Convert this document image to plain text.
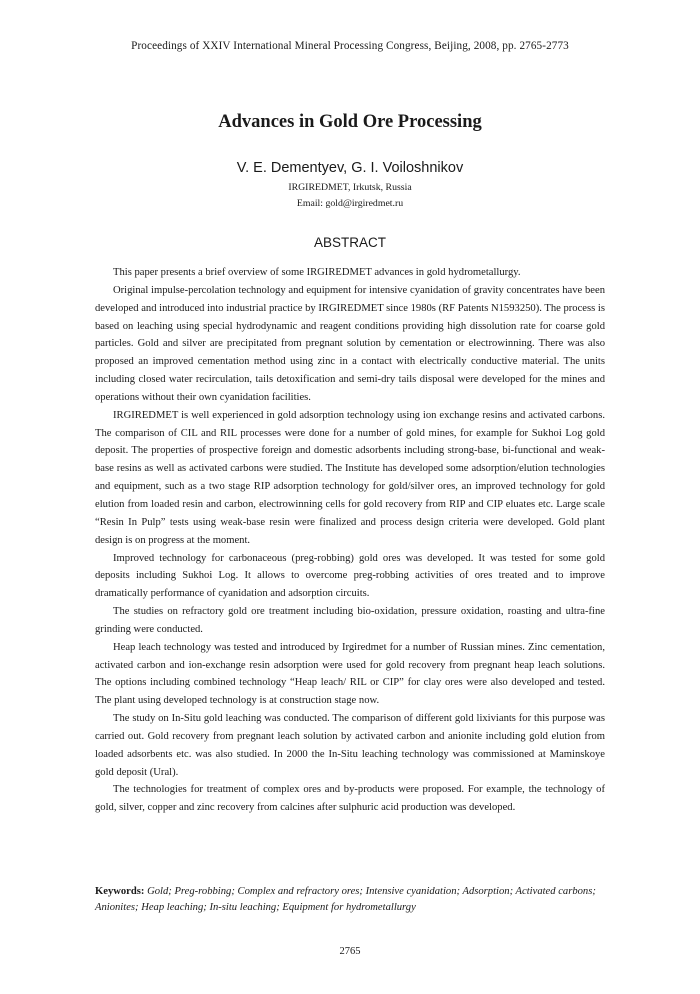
Proceedings of XXIV International Mineral Processing Congress, Beijing, 2008, pp. 2765-2773
Advances in Gold Ore Processing
V. E. Dementyev, G. I. Voiloshnikov
IRGIREDMET, Irkutsk, Russia
Email: gold@irgiredmet.ru
ABSTRACT

This paper presents a brief overview of some IRGIREDMET advances in gold hydrometallurgy.

Original impulse-percolation technology and equipment for intensive cyanidation of gravity concentrates have been developed and introduced into industrial practice by IRGIREDMET since 1980s (RF Patents N1593250). The process is based on leaching using special hydrodynamic and reagent conditions providing high dissolution rate for coarse gold particles. Gold and silver are precipitated from pregnant solution by cementation or electrowinning. There was also proposed an improved cementation method using zinc in a contact with electrically conductive material. The units including closed water recirculation, tails detoxification and semi-dry tails disposal were developed for the mines and operations without their own cyanidation facilities.

IRGIREDMET is well experienced in gold adsorption technology using ion exchange resins and activated carbons. The comparison of CIL and RIL processes were done for a number of gold mines, for example for Sukhoi Log gold deposit. The properties of prospective foreign and domestic adsorbents including strong-base, bi-functional and weak-base resins as well as activated carbons were studied. The Institute has developed some adsorption/elution technologies and equipment, such as a two stage RIP adsorption technology for gold/silver ores, an improved technology for gold elution from loaded resin and carbon, electrowinning cells for gold recovery from RIP and CIP eluates etc. Large scale “Resin In Pulp” tests using weak-base resin were finalized and process design criteria were developed. Gold plant design is on progress at the moment.

Improved technology for carbonaceous (preg-robbing) gold ores was developed. It was tested for some gold deposits including Sukhoi Log. It allows to overcome preg-robbing activities of ores treated and to improve dramatically performance of cyanidation and adsorption circuits.

The studies on refractory gold ore treatment including bio-oxidation, pressure oxidation, roasting and ultra-fine grinding were conducted.

Heap leach technology was tested and introduced by Irgiredmet for a number of Russian mines. Zinc cementation, activated carbon and ion-exchange resin adsorption were used for gold recovery from pregnant heap leach solutions. The options including combined technology “Heap leach/ RIL or CIP” for clay ores were also developed and tested. The plant using developed technology is at construction stage now.

The study on In-Situ gold leaching was conducted. The comparison of different gold lixiviants for this purpose was carried out. Gold recovery from pregnant leach solution by activated carbon and anionite including gold elution from loaded adsorbents etc. was also studied. In 2000 the In-Situ leaching technology was commissioned at Maminskoye gold deposit (Ural).

The technologies for treatment of complex ores and by-products were proposed. For example, the technology of gold, silver, copper and zinc recovery from calcines after sulphuric acid production was developed.

Keywords: Gold; Preg-robbing; Complex and refractory ores; Intensive cyanidation; Adsorption; Activated carbons; Anionites; Heap leaching; In-situ leaching; Equipment for hydrometallurgy
2765
